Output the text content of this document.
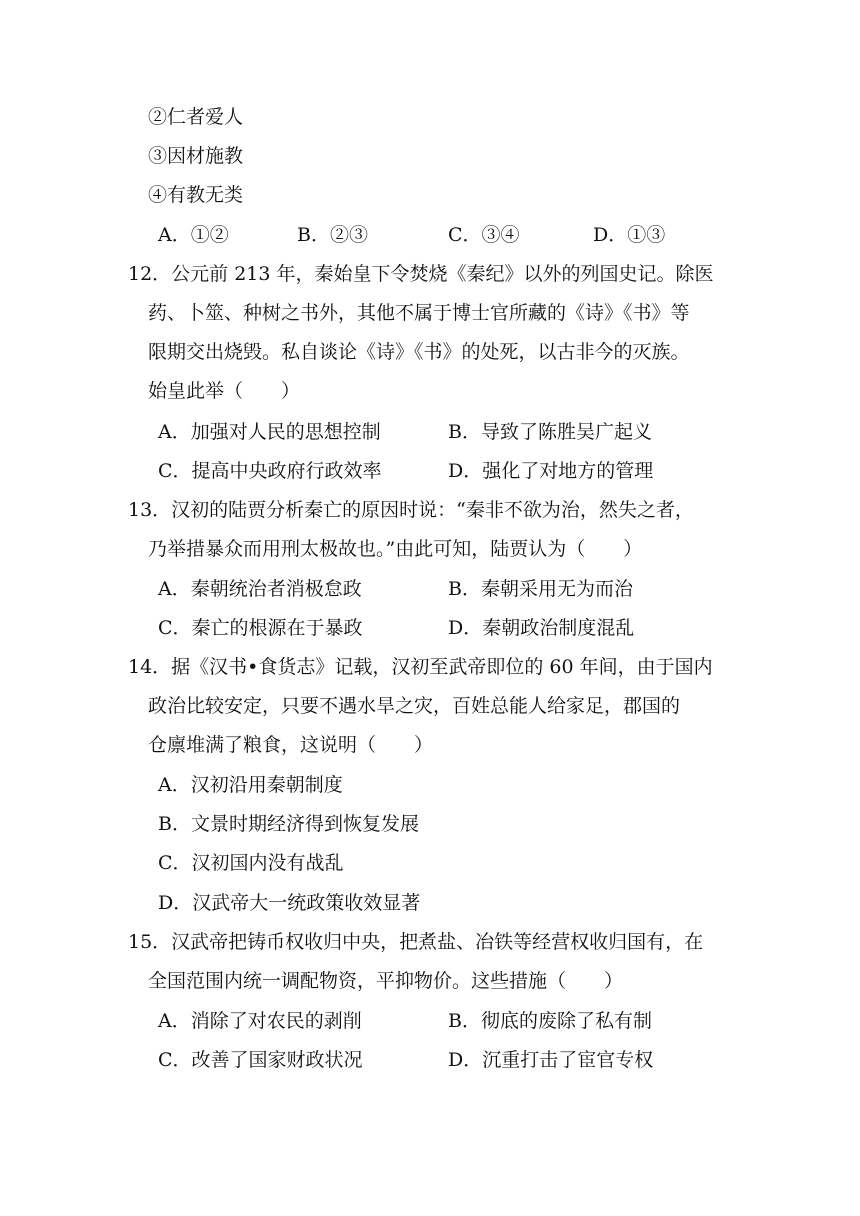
②仁者爱人
③因材施教
④有教无类
A．①②	B．②③	C．③④	D．①③
12．公元前 213 年，秦始皇下令焚烧《秦纪》以外的列国史记。除医
药、卜筮、种树之书外，其他不属于博士官所藏的《诗》《书》等
限期交出烧毁。私自谈论《诗》《书》的处死，以古非今的灭族。
始皇此举（　　）
A．加强对人民的思想控制	B．导致了陈胜吴广起义
C．提高中央政府行政效率	D．强化了对地方的管理
13．汉初的陆贾分析秦亡的原因时说：“秦非不欲为治，然失之者，
乃举措暴众而用刑太极故也。”由此可知，陆贾认为（　　）
A．秦朝统治者消极怠政	B．秦朝采用无为而治
C．秦亡的根源在于暴政	D．秦朝政治制度混乱
14．据《汉书•食货志》记载，汉初至武帝即位的 60 年间，由于国内
政治比较安定，只要不遇水旱之灾，百姓总能人给家足，郡国的
仓廪堆满了粮食，这说明（　　）
A．汉初沿用秦朝制度
B．文景时期经济得到恢复发展
C．汉初国内没有战乱
D．汉武帝大一统政策收效显著
15．汉武帝把铸币权收归中央，把煮盐、冶铁等经营权收归国有，在
全国范围内统一调配物资，平抑物价。这些措施（　　）
A．消除了对农民的剥削	B．彻底的废除了私有制
C．改善了国家财政状况	D．沉重打击了宦官专权
